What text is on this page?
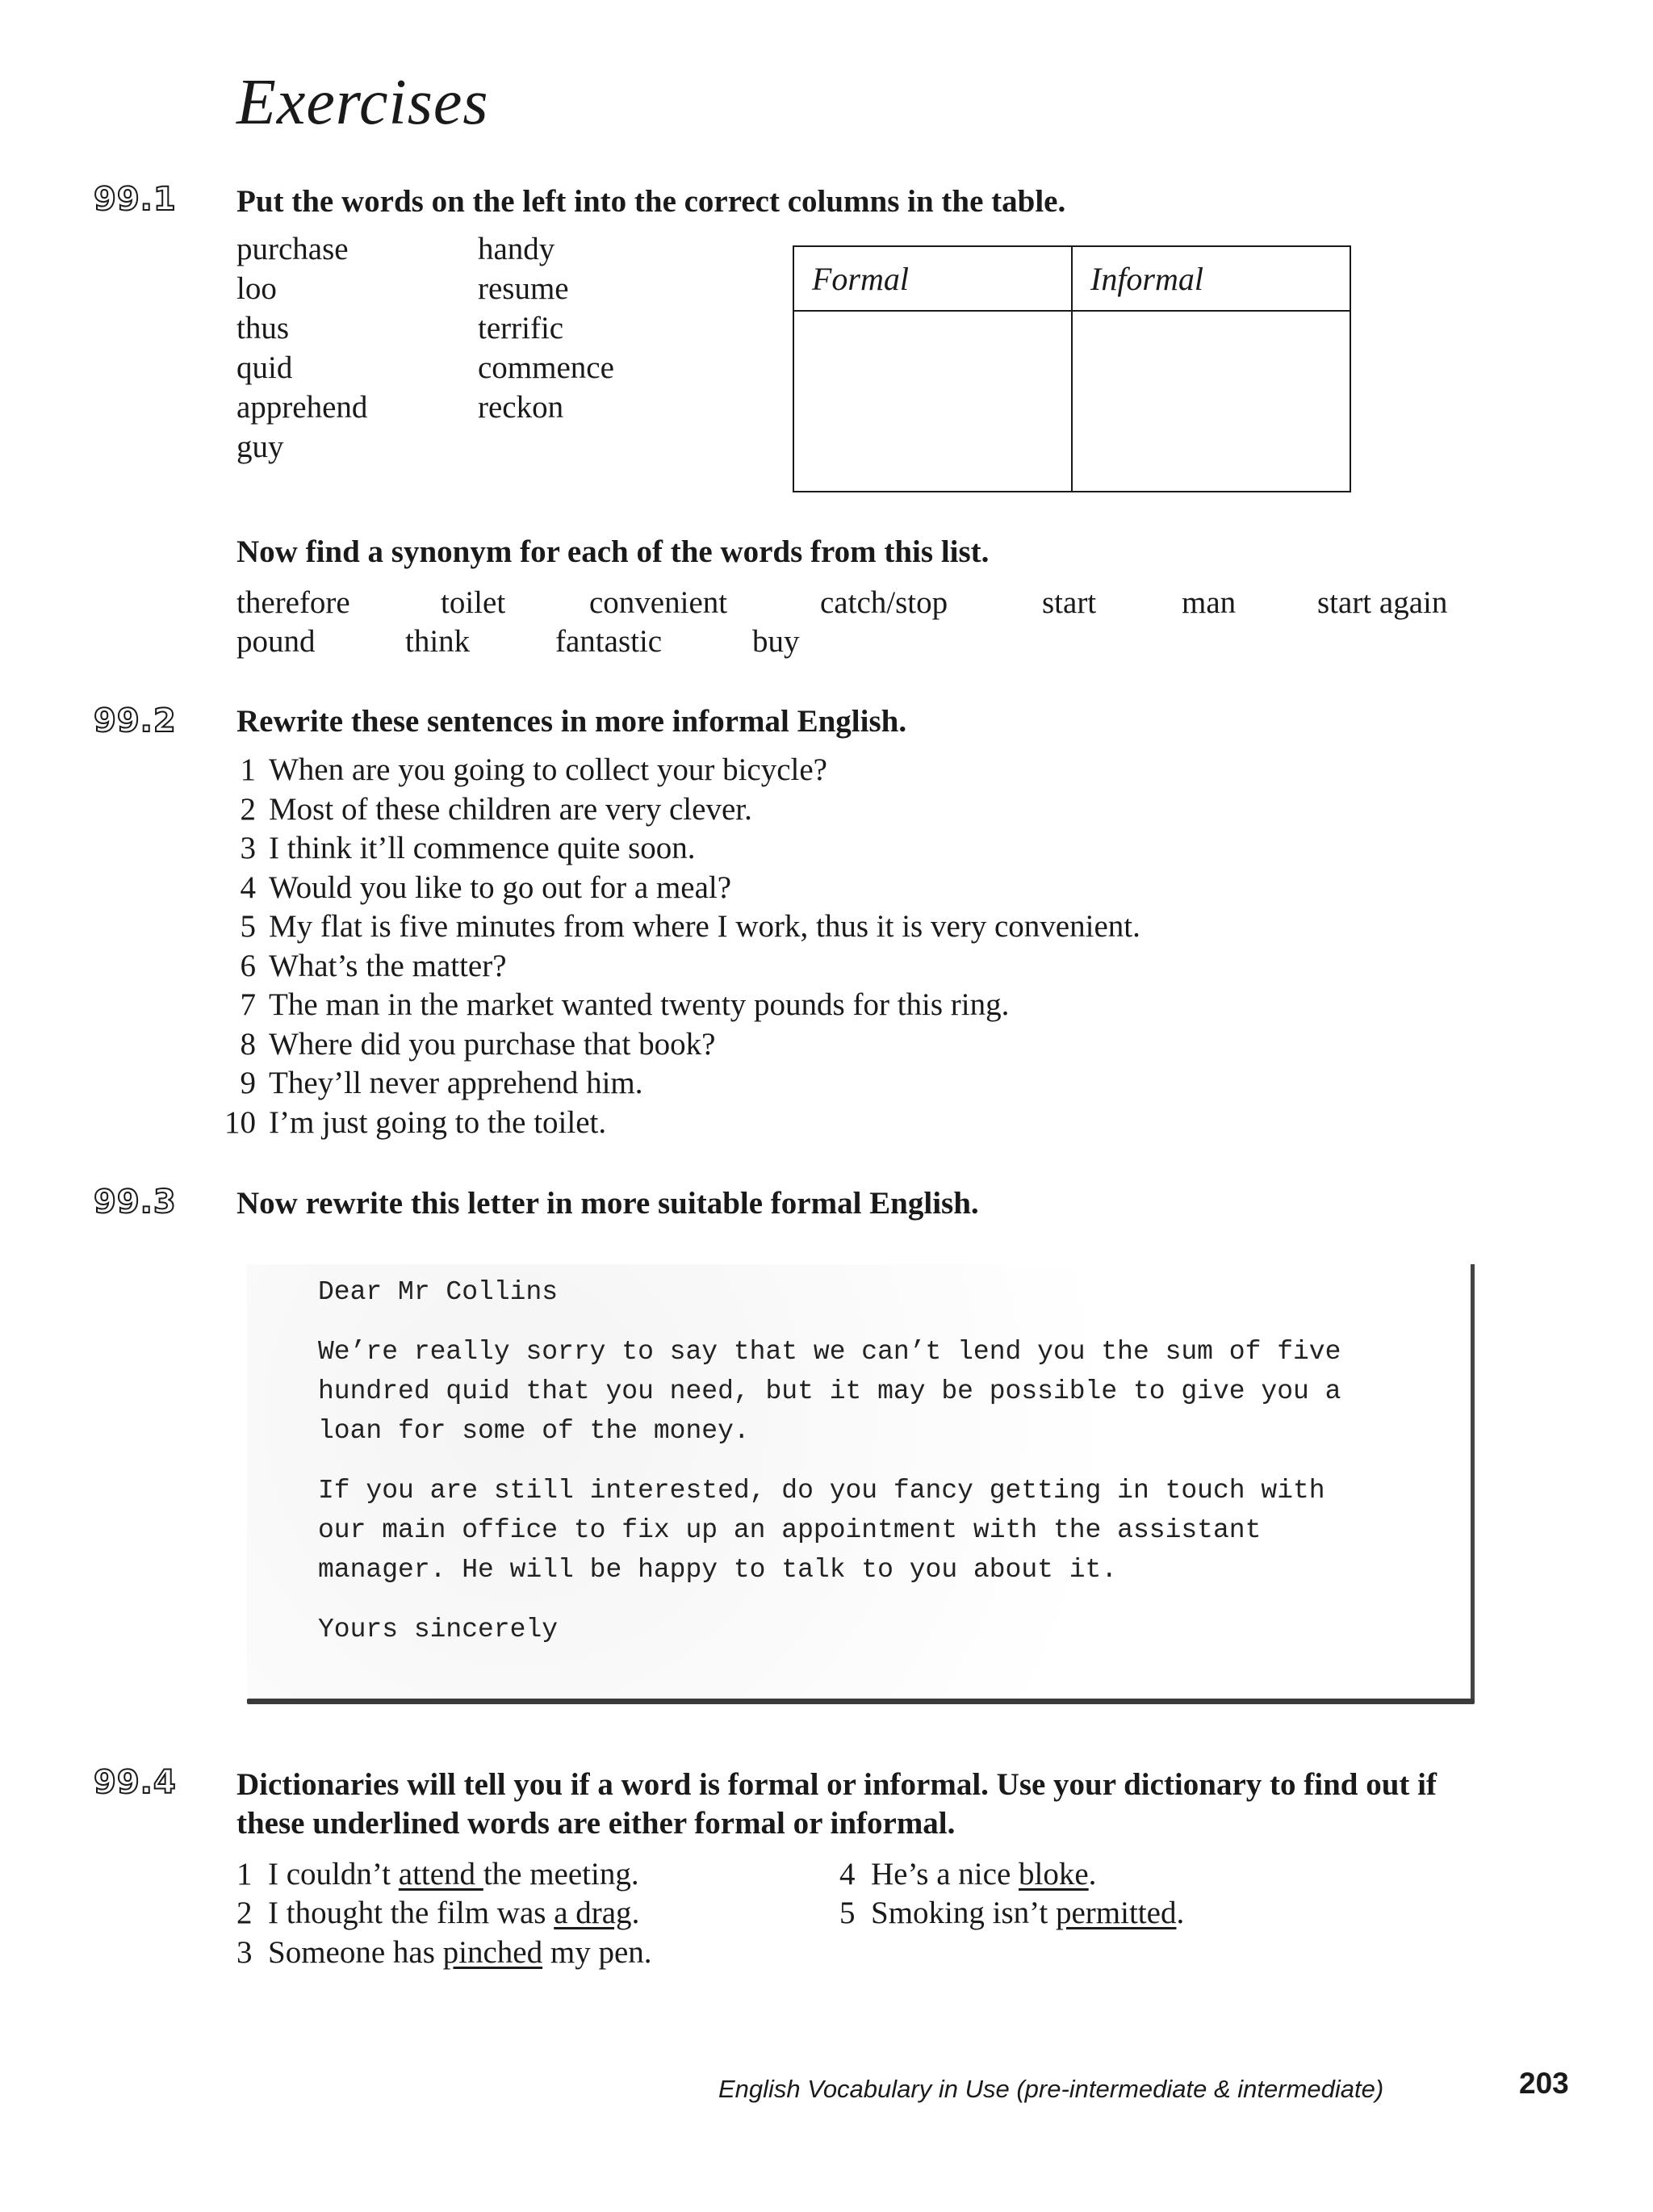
Exercises
99.1 Put the words on the left into the correct columns in the table.
purchase
loo
thus
quid
apprehend
guy
handy
resume
terrific
commence
reckon
Formal	Informal

Now find a synonym for each of the words from this list.
therefore	toilet	convenient	catch/stop	start	man	start again
pound	think	fantastic	buy
99.2 Rewrite these sentences in more informal English.
1 When are you going to collect your bicycle?
2 Most of these children are very clever.
3 I think it’ll commence quite soon.
4 Would you like to go out for a meal?
5 My flat is five minutes from where I work, thus it is very convenient.
6 What’s the matter?
7 The man in the market wanted twenty pounds for this ring.
8 Where did you purchase that book?
9 They’ll never apprehend him.
10 I’m just going to the toilet.
99.3 Now rewrite this letter in more suitable formal English.
Dear Mr Collins
We’re really sorry to say that we can’t lend you the sum of five
hundred quid that you need, but it may be possible to give you a
loan for some of the money.
If you are still interested, do you fancy getting in touch with
our main office to fix up an appointment with the assistant
manager. He will be happy to talk to you about it.
Yours sincerely
99.4 Dictionaries will tell you if a word is formal or informal. Use your dictionary to find out if
these underlined words are either formal or informal.
1 I couldn’t attend the meeting.
2 I thought the film was a drag.
3 Someone has pinched my pen.
4 He’s a nice bloke.
5 Smoking isn’t permitted.
English Vocabulary in Use (pre-intermediate & intermediate)	203
